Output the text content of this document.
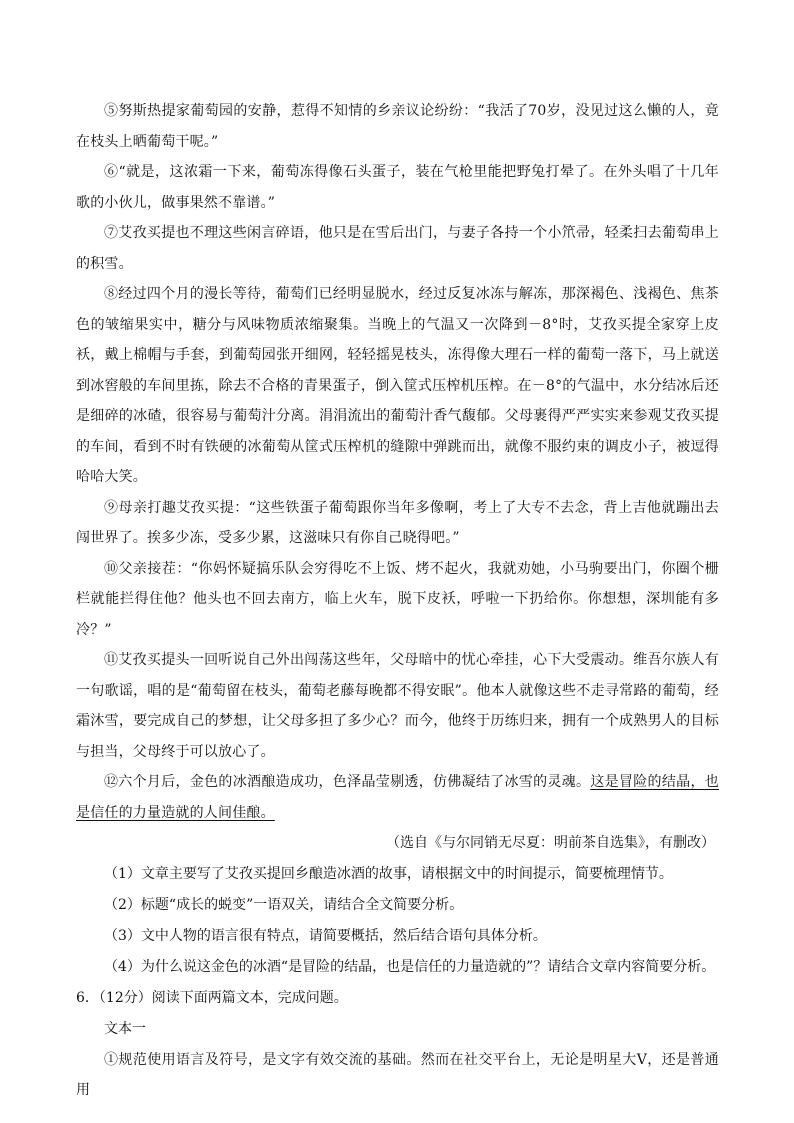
⑤努斯热提家葡萄园的安静，惹得不知情的乡亲议论纷纷：“我活了70岁，没见过这么懒的人，竟在枝头上晒葡萄干呢。”

⑥“就是，这浓霜一下来，葡萄冻得像石头蛋子，装在气枪里能把野兔打晕了。在外头唱了十几年歌的小伙儿，做事果然不靠谱。”

⑦艾孜买提也不理这些闲言碎语，他只是在雪后出门，与妻子各持一个小笊帚，轻柔扫去葡萄串上的积雪。

⑧经过四个月的漫长等待，葡萄们已经明显脱水，经过反复冰冻与解冻，那深褐色、浅褐色、焦茶色的皱缩果实中，糖分与风味物质浓缩聚集。当晚上的气温又一次降到－8°时，艾孜买提全家穿上皮袄，戴上棉帽与手套，到葡萄园张开细网，轻轻摇晃枝头，冻得像大理石一样的葡萄一落下，马上就送到冰窖般的车间里拣，除去不合格的青果蛋子，倒入筐式压榨机压榨。在－8°的气温中，水分结冰后还是细碎的冰碴，很容易与葡萄汁分离。涓涓流出的葡萄汁香气馥郁。父母裹得严严实实来参观艾孜买提的车间，看到不时有铁硬的冰葡萄从筐式压榨机的缝隙中弹跳而出，就像不服约束的调皮小子，被逗得哈哈大笑。

⑨母亲打趣艾孜买提：“这些铁蛋子葡萄跟你当年多像啊，考上了大专不去念，背上吉他就蹦出去闯世界了。挨多少冻，受多少累，这滋味只有你自己晓得吧。”

⑩父亲接茬：“你妈怀疑搞乐队会穷得吃不上饭、烤不起火，我就劝她，小马驹要出门，你圈个栅栏就能拦得住他？他头也不回去南方，临上火车，脱下皮袄，呼啦一下扔给你。你想想，深圳能有多冷？”

⑪艾孜买提头一回听说自己外出闯荡这些年，父母暗中的忧心牵挂，心下大受震动。维吾尔族人有一句歌谣，唱的是“葡萄留在枝头，葡萄老藤每晚都不得安眠”。他本人就像这些不走寻常路的葡萄，经霜沐雪，要完成自己的梦想，让父母多担了多少心？而今，他终于历练归来，拥有一个成熟男人的目标与担当，父母终于可以放心了。

⑫六个月后，金色的冰酒酿造成功，色泽晶莹剔透，仿佛凝结了冰雪的灵魂。这是冒险的结晶，也是信任的力量造就的人间佳酿。

（选自《与尔同销无尽夏：明前茶自选集》，有删改）

（1）文章主要写了艾孜买提回乡酿造冰酒的故事，请根据文中的时间提示，简要梳理情节。

（2）标题“成长的蜕变”一语双关，请结合全文简要分析。

（3）文中人物的语言很有特点，请简要概括，然后结合语句具体分析。

（4）为什么说这金色的冰酒“是冒险的结晶，也是信任的力量造就的”？请结合文章内容简要分析。

6．（12分）阅读下面两篇文本，完成问题。

文本一

①规范使用语言及符号，是文字有效交流的基础。然而在社交平台上，无论是明星大V，还是普通用
